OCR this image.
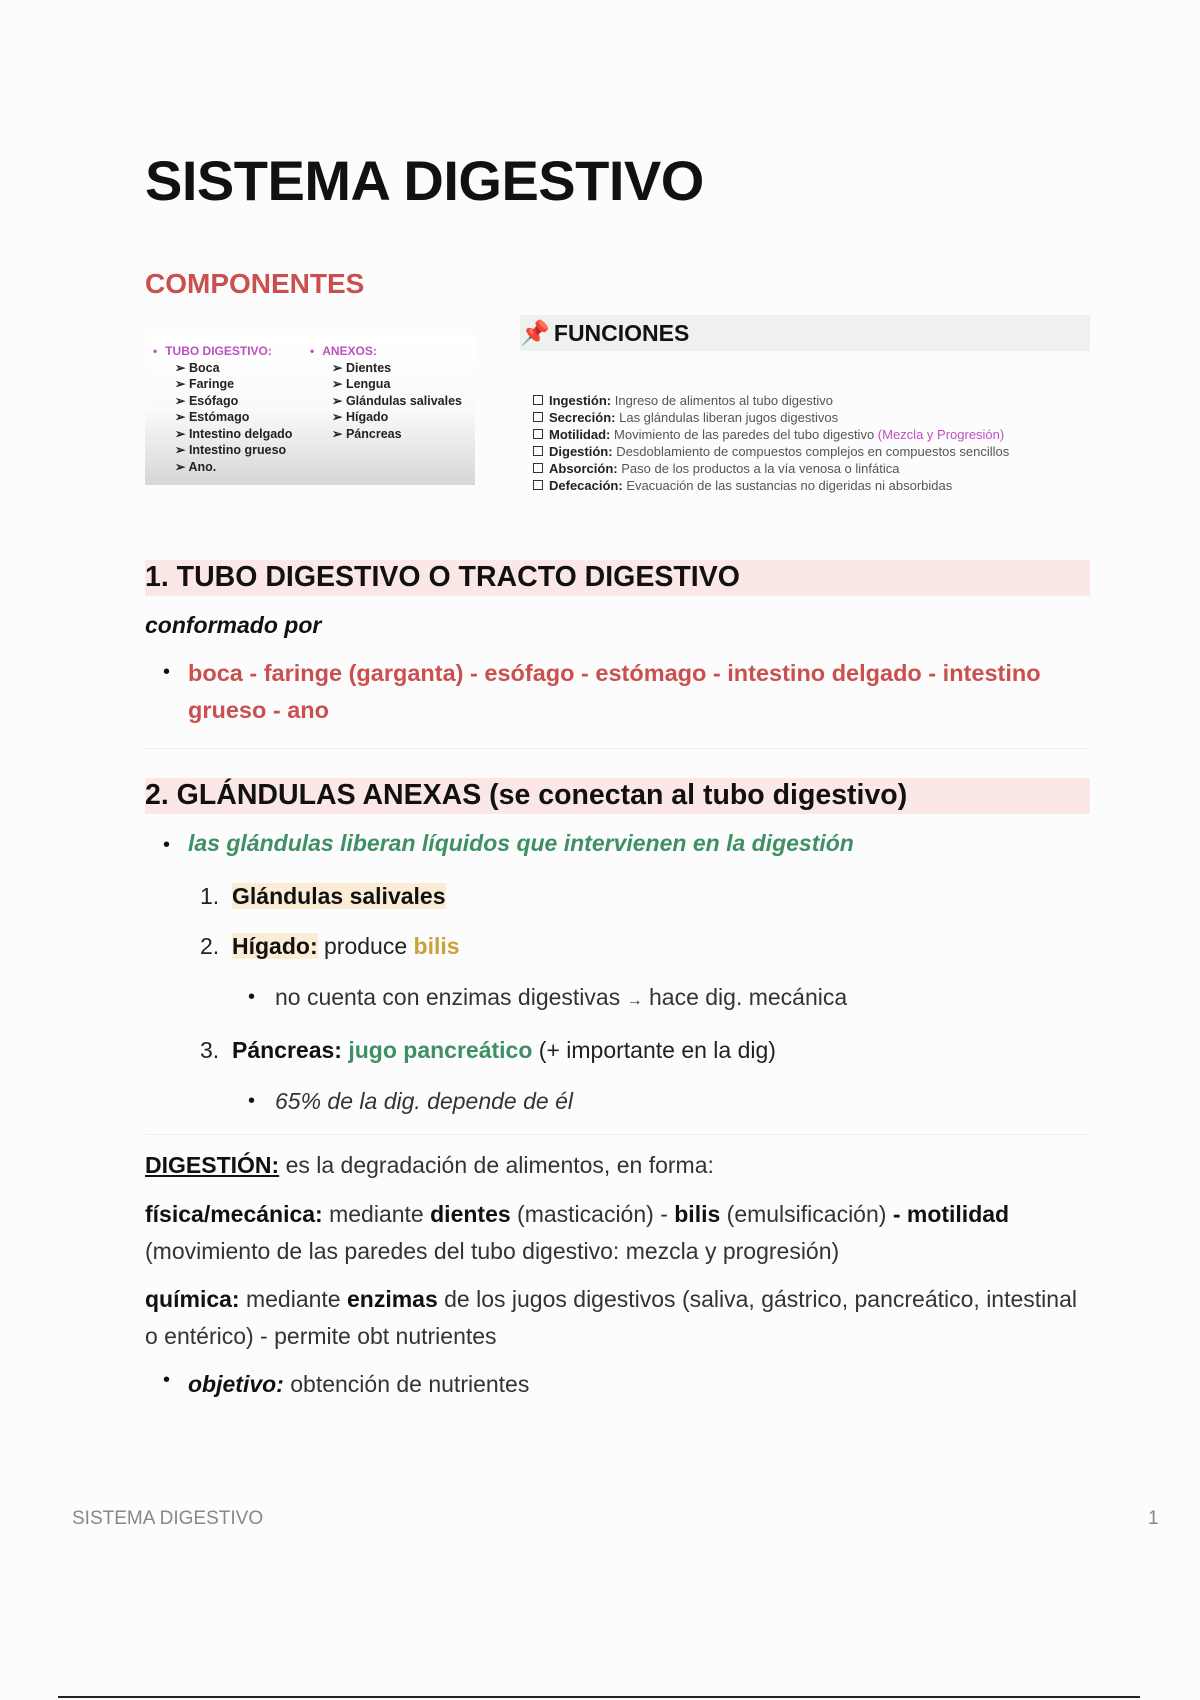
SISTEMA DIGESTIVO
COMPONENTES
• TUBO DIGESTIVO:
➢ Boca
➢ Faringe
➢ Esófago
➢ Estómago
➢ Intestino delgado
➢ Intestino grueso
➢ Ano.
• ANEXOS:
➢ Dientes
➢ Lengua
➢ Glándulas salivales
➢ Hígado
➢ Páncreas
📌 FUNCIONES
Ingestión: Ingreso de alimentos al tubo digestivo
Secreción: Las glándulas liberan jugos digestivos
Motilidad: Movimiento de las paredes del tubo digestivo (Mezcla y Progresión)
Digestión: Desdoblamiento de compuestos complejos en compuestos sencillos
Absorción: Paso de los productos a la vía venosa o linfática
Defecación: Evacuación de las sustancias no digeridas ni absorbidas
1. TUBO DIGESTIVO O TRACTO DIGESTIVO
conformado por
• boca - faringe (garganta) - esófago - estómago - intestino delgado - intestino grueso - ano
2. GLÁNDULAS ANEXAS (se conectan al tubo digestivo)
• las glándulas liberan líquidos que intervienen en la digestión
1. Glándulas salivales
2. Hígado: produce bilis
• no cuenta con enzimas digestivas → hace dig. mecánica
3. Páncreas: jugo pancreático (+ importante en la dig)
• 65% de la dig. depende de él
DIGESTIÓN: es la degradación de alimentos, en forma:
física/mecánica: mediante dientes (masticación) - bilis (emulsificación) - motilidad (movimiento de las paredes del tubo digestivo: mezcla y progresión)
química: mediante enzimas de los jugos digestivos (saliva, gástrico, pancreático, intestinal o entérico) - permite obt nutrientes
• objetivo: obtención de nutrientes
SISTEMA DIGESTIVO	1
